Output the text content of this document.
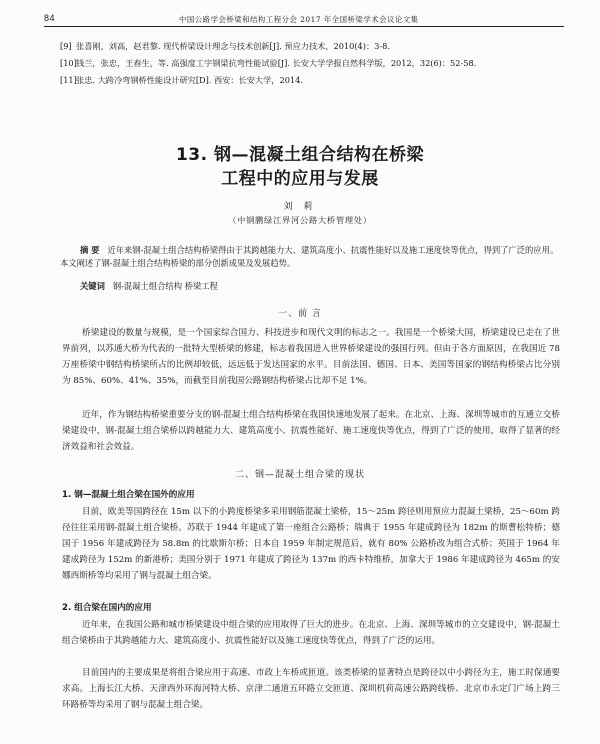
84	中国公路学会桥梁和结构工程分会 2017 年全国桥梁学术会议论文集
[9] 张喜刚，刘高，赵君黎. 现代桥梁设计理念与技术创新[J]. 预应力技术，2010(4)：3-8.
[10] 钱兰，张忠，王春生，等. 高强度工字钢梁抗弯性能试验[J]. 长安大学学报自然科学版，2012，32(6)：52-58.
[11] 张忠. 大跨冷弯钢桥性能设计研究[D]. 西安：长安大学，2014.
13. 钢—混凝土组合结构在桥梁
工程中的应用与发展
刘 莉
（中钢鹏绿江界河公路大桥管理处）
摘 要 近年来钢-混凝土组合结构桥梁得由于其跨越能力大、建筑高度小、抗震性能好以及施工速度快等优点，得到了广泛的应用。本文阐述了钢-混凝土组合结构桥梁的部分创新成果及发展趋势。
关键词 钢-混凝土组合结构 桥梁工程
一、前 言
桥梁建设的数量与规模，是一个国家综合国力、科技进步和现代文明的标志之一。我国是一个桥梁大国，桥梁建设已走在了世界前列，以苏通大桥为代表的一批特大型桥梁的修建，标志着我国进入世界桥梁建设的强国行列。但由于各方面原因，在我国近 78 万座桥梁中钢结构桥梁所占的比例却较低，远远低于发达国家的水平。目前法国、德国、日本、美国等国家的钢结构桥梁占比分别为 85%、60%、41%、35%，而截至目前我国公路钢结构桥梁占比却不足 1%。
近年，作为钢结构桥梁重要分支的钢-混凝土组合结构桥梁在我国快速地发展了起来。在北京、上海、深圳等城市的互通立交桥梁建设中，钢-混凝土组合梁桥以跨越能力大、建筑高度小、抗震性能好、施工速度快等优点，得到了广泛的使用，取得了显著的经济效益和社会效益。
二、钢—混凝土组合梁的现状
1. 钢—混凝土组合梁在国外的应用
目前，欧美等国跨径在 15m 以下的小跨度桥梁多采用钢筋混凝土梁桥，15～25m 跨径则用预应力混凝土梁桥，25～60m 跨径往往采用钢-混凝土组合梁桥。苏联于 1944 年建成了第一座组合公路桥；瑞典于 1955 年建成跨径为 182m 的斯曹松特桥；德国于 1956 年建成跨径为 58.8m 的比歇斯尔桥；日本自 1959 年制定规范后，就有 80% 公路桥改为组合式桥；英国于 1964 年建成跨径为 152m 的新港桥；美国分别于 1971 年建成了跨径为 137m 的西卡特维桥，加拿大于 1986 年建成跨径为 465m 的安娜西斯桥等均采用了钢与混凝土组合梁。
2. 组合梁在国内的应用
近年来，在我国公路和城市桥梁建设中组合梁的应用取得了巨大的进步。在北京、上海、深圳等城市的立交建设中，钢-混凝土组合梁桥由于其跨越能力大、建筑高度小、抗震性能好以及施工速度快等优点，得到了广泛的运用。
目前国内的主要成果是将组合梁应用于高速、市政上车桥或匝道。该类桥梁的显著特点是跨径以中小跨径为主，施工时保通要求高。上海长江大桥、天津西外环海河特大桥、京津二通道五环路立交匝道、深圳机荷高速公路跨线桥、北京市永定门广场上跨三环路桥等均采用了钢与混凝土组合梁。
